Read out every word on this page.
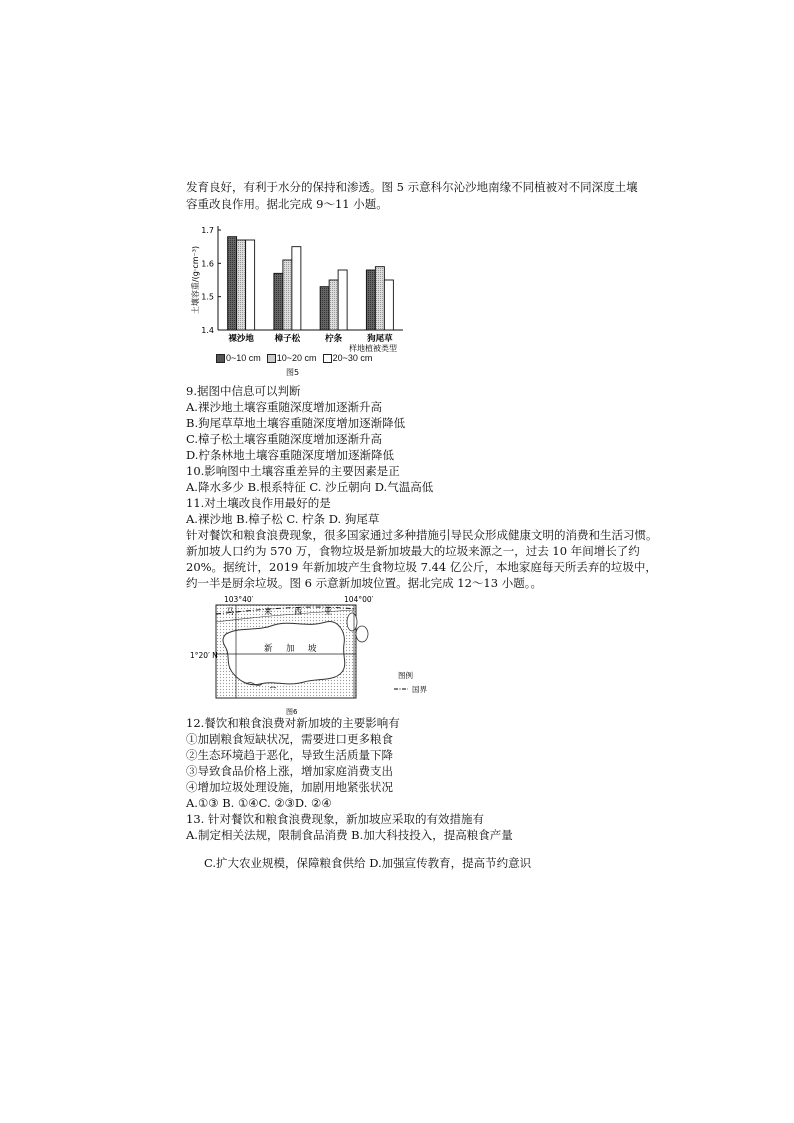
发育良好，有利于水分的保持和渗透。图 5 示意科尔沁沙地南缘不同植被对不同深度土壤
容重改良作用。据北完成 9～11 小题。
1.4
1.5
1.6
1.7
土壤容重/(g·cm⁻³)
裸沙地 樟子松	柠条	狗尾草
样地植被类型
0~10 cm	10~20 cm	20~30 cm
图5
9.据图中信息可以判断
A.裸沙地土壤容重随深度增加逐渐升高
B.狗尾草草地土壤容重随深度增加逐渐降低
C.樟子松土壤容重随深度增加逐渐升高
D.柠条林地土壤容重随深度增加逐渐降低
10.影响图中土壤容重差异的主要因素是正
A.降水多少 B.根系特征 C. 沙丘朝向 D.气温高低
11.对土壤改良作用最好的是
A.裸沙地 B.樟子松 C. 柠条 D. 狗尾草
针对餐饮和粮食浪费现象，很多国家通过多种措施引导民众形成健康文明的消费和生活习惯。
新加坡人口约为 570 万，食物垃圾是新加坡最大的垃圾来源之一，过去 10 年间增长了约
20%。据统计，2019 年新加坡产生食物垃圾 7.44 亿公斤，本地家庭每天所丢弃的垃圾中，
约一半是厨余垃圾。图 6 示意新加坡位置。据北完成 12～13 小题。。
103°40′	104°00′
马	来	西	亚
新 加 坡
1°20′ N
图例
国界
图6
12.餐饮和粮食浪费对新加坡的主要影响有
①加剧粮食短缺状况，需要进口更多粮食
②生态环境趋于恶化，导致生活质量下降
③导致食品价格上涨，增加家庭消费支出
④增加垃圾处理设施，加剧用地紧张状况
A.①③ B. ①④C. ②③D. ②④
13. 针对餐饮和粮食浪费现象，新加坡应采取的有效措施有
A.制定相关法规，限制食品消费 B.加大科技投入，提高粮食产量
C.扩大农业规模，保障粮食供给 D.加强宣传教育，提高节约意识
